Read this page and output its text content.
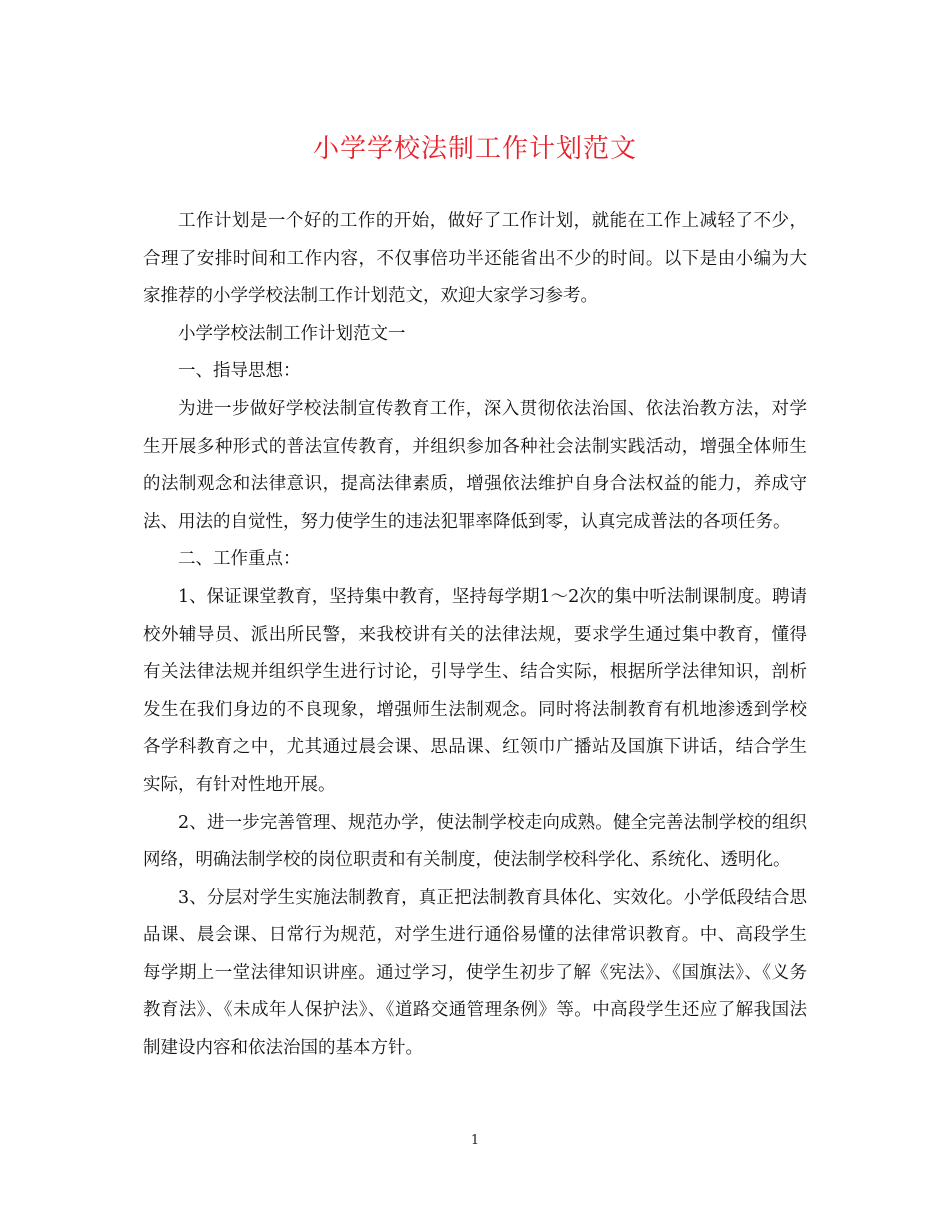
小学学校法制工作计划范文

工作计划是一个好的工作的开始，做好了工作计划，就能在工作上减轻了不少，合理了安排时间和工作内容，不仅事倍功半还能省出不少的时间。以下是由小编为大家推荐的小学学校法制工作计划范文，欢迎大家学习参考。

小学学校法制工作计划范文一

一、指导思想：

为进一步做好学校法制宣传教育工作，深入贯彻依法治国、依法治教方法，对学生开展多种形式的普法宣传教育，并组织参加各种社会法制实践活动，增强全体师生的法制观念和法律意识，提高法律素质，增强依法维护自身合法权益的能力，养成守法、用法的自觉性，努力使学生的违法犯罪率降低到零，认真完成普法的各项任务。

二、工作重点：

1、保证课堂教育，坚持集中教育，坚持每学期1～2次的集中听法制课制度。聘请校外辅导员、派出所民警，来我校讲有关的法律法规，要求学生通过集中教育，懂得有关法律法规并组织学生进行讨论，引导学生、结合实际，根据所学法律知识，剖析发生在我们身边的不良现象，增强师生法制观念。同时将法制教育有机地渗透到学校各学科教育之中，尤其通过晨会课、思品课、红领巾广播站及国旗下讲话，结合学生实际，有针对性地开展。

2、进一步完善管理、规范办学，使法制学校走向成熟。健全完善法制学校的组织网络，明确法制学校的岗位职责和有关制度，使法制学校科学化、系统化、透明化。

3、分层对学生实施法制教育，真正把法制教育具体化、实效化。小学低段结合思品课、晨会课、日常行为规范，对学生进行通俗易懂的法律常识教育。中、高段学生每学期上一堂法律知识讲座。通过学习，使学生初步了解《宪法》、《国旗法》、《义务教育法》、《未成年人保护法》、《道路交通管理条例》等。中高段学生还应了解我国法制建设内容和依法治国的基本方针。

1
